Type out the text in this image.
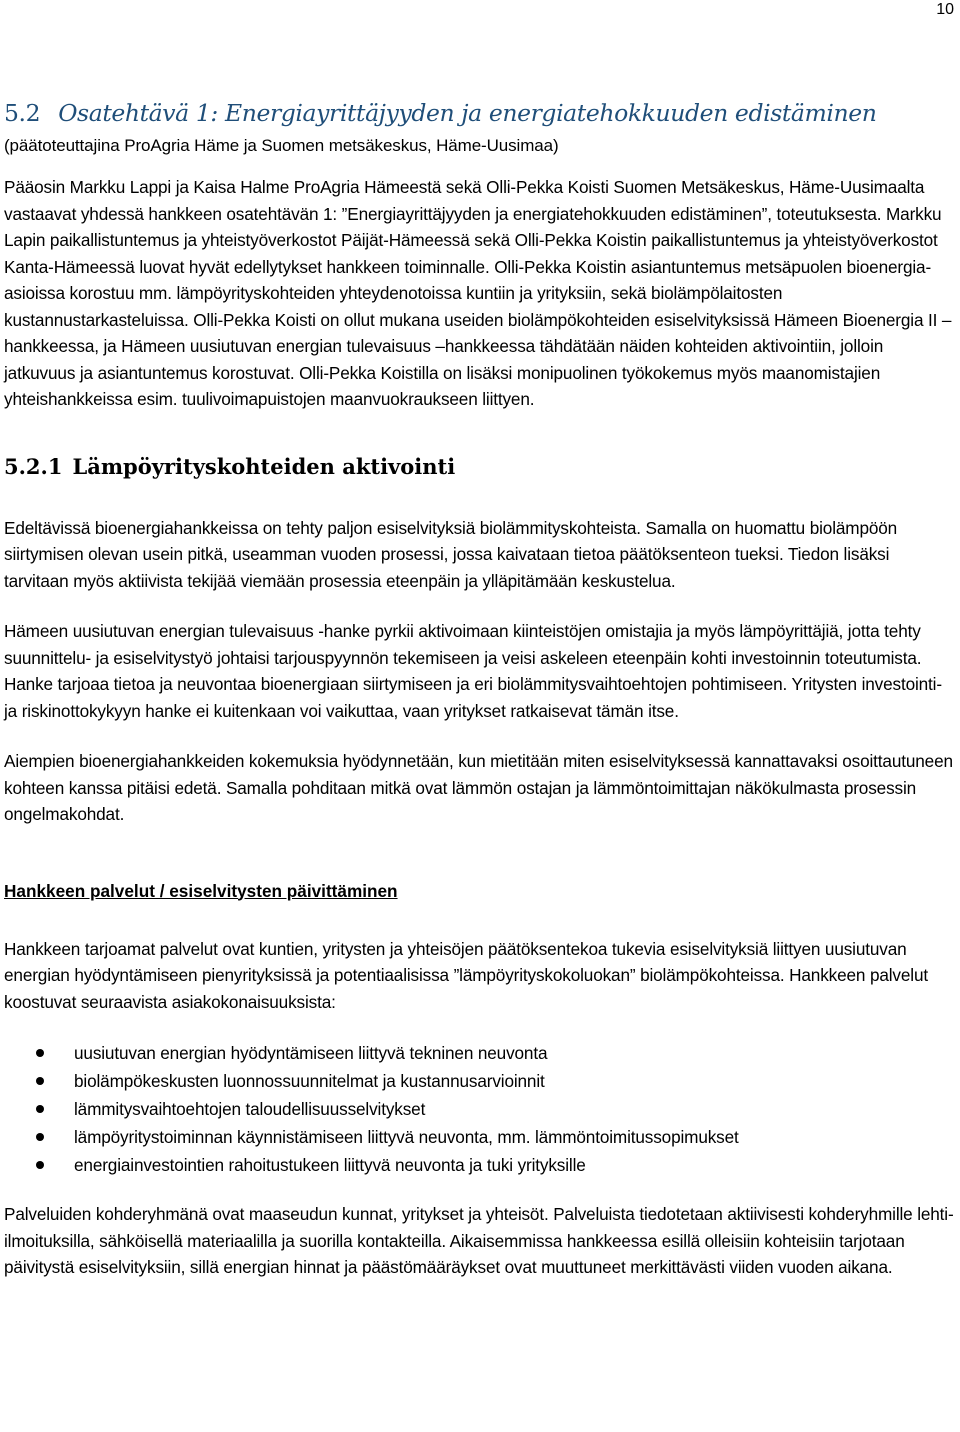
10
5.2 Osatehtävä 1: Energiayrittäjyyden ja energiatehokkuuden edistäminen

(päätoteuttajina ProAgria Häme ja Suomen metsäkeskus, Häme-Uusimaa)

Pääosin Markku Lappi ja Kaisa Halme ProAgria Hämeestä sekä Olli-Pekka Koisti Suomen Metsäkeskus, Häme-Uusimaalta vastaavat yhdessä hankkeen osatehtävän 1: ”Energiayrittäjyyden ja energiatehokkuuden edistäminen”, toteutuksesta. Markku Lapin paikallistuntemus ja yhteistyöverkostot Päijät-Hämeessä sekä Olli-Pekka Koistin paikallistuntemus ja yhteistyöverkostot Kanta-Hämeessä luovat hyvät edellytykset hankkeen toiminnalle. Olli-Pekka Koistin asiantuntemus metsäpuolen bioenergia-asioissa korostuu mm. lämpöyrityskohteiden yhteydenotoissa kuntiin ja yrityksiin, sekä biolämpölaitosten kustannustarkasteluissa. Olli-Pekka Koisti on ollut mukana useiden biolämpökohteiden esiselvityksissä Hämeen Bioenergia II – hankkeessa, ja Hämeen uusiutuvan energian tulevaisuus –hankkeessa tähdätään näiden kohteiden aktivointiin, jolloin jatkuvuus ja asiantuntemus korostuvat. Olli-Pekka Koistilla on lisäksi monipuolinen työkokemus myös maanomistajien yhteishankkeissa esim. tuulivoimapuistojen maanvuokraukseen liittyen.

5.2.1 Lämpöyrityskohteiden aktivointi

Edeltävissä bioenergiahankkeissa on tehty paljon esiselvityksiä biolämmityskohteista. Samalla on huomattu biolämpöön siirtymisen olevan usein pitkä, useamman vuoden prosessi, jossa kaivataan tietoa päätöksenteon tueksi. Tiedon lisäksi tarvitaan myös aktiivista tekijää viemään prosessia eteenpäin ja ylläpitämään keskustelua.

Hämeen uusiutuvan energian tulevaisuus -hanke pyrkii aktivoimaan kiinteistöjen omistajia ja myös lämpöyrittäjiä, jotta tehty suunnittelu- ja esiselvitystyö johtaisi tarjouspyynnön tekemiseen ja veisi askeleen eteenpäin kohti investoinnin toteutumista. Hanke tarjoaa tietoa ja neuvontaa bioenergiaan siirtymiseen ja eri biolämmitysvaihtoehtojen pohtimiseen. Yritysten investointi- ja riskinottokykyyn hanke ei kuitenkaan voi vaikuttaa, vaan yritykset ratkaisevat tämän itse.

Aiempien bioenergiahankkeiden kokemuksia hyödynnetään, kun mietitään miten esiselvityksessä kannattavaksi osoittautuneen kohteen kanssa pitäisi edetä. Samalla pohditaan mitkä ovat lämmön ostajan ja lämmöntoimittajan näkökulmasta prosessin ongelmakohdat.

Hankkeen palvelut / esiselvitysten päivittäminen

Hankkeen tarjoamat palvelut ovat kuntien, yritysten ja yhteisöjen päätöksentekoa tukevia esiselvityksiä liittyen uusiutuvan energian hyödyntämiseen pienyrityksissä ja potentiaalisissa ”lämpöyrityskokoluokan” biolämpökohteissa. Hankkeen palvelut koostuvat seuraavista asiakokonaisuuksista:

uusiutuvan energian hyödyntämiseen liittyvä tekninen neuvonta
biolämpökeskusten luonnossuunnitelmat ja kustannusarvioinnit
lämmitysvaihtoehtojen taloudellisuusselvitykset
lämpöyritystoiminnan käynnistämiseen liittyvä neuvonta, mm. lämmöntoimitussopimukset
energiainvestointien rahoitustukeen liittyvä neuvonta ja tuki yrityksille

Palveluiden kohderyhmänä ovat maaseudun kunnat, yritykset ja yhteisöt. Palveluista tiedotetaan aktiivisesti kohderyhmille lehti-ilmoituksilla, sähköisellä materiaalilla ja suorilla kontakteilla. Aikaisemmissa hankkeessa esillä olleisiin kohteisiin tarjotaan päivitystä esiselvityksiin, sillä energian hinnat ja päästömääräykset ovat muuttuneet merkittävästi viiden vuoden aikana.
